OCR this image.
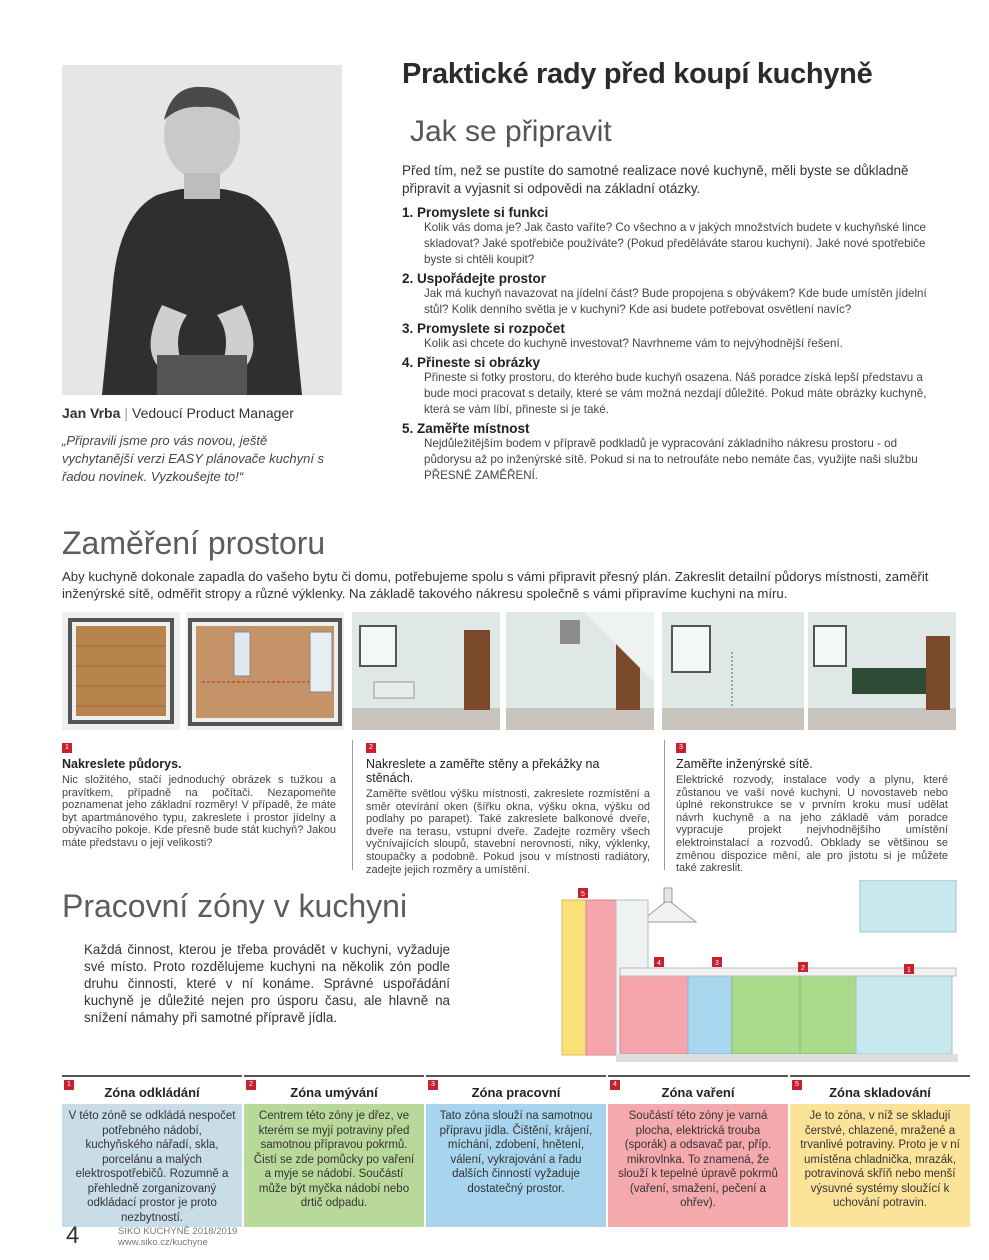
Jan Vrba | Vedoucí Product Manager
„Připravili jsme pro vás novou, ještě vychytanější verzi EASY plánovače kuchyní s řadou novinek. Vyzkoušejte to!“
Praktické rady před koupí kuchyně
Jak se připravit
Před tím, než se pustíte do samotné realizace nové kuchyně, měli byste se důkladně připravit a vyjasnit si odpovědi na základní otázky.
1. Promyslete si funkci
Kolik vás doma je? Jak často vaříte? Co všechno a v jakých množstvích budete v kuchyňské lince skladovat? Jaké spotřebiče používáte? (Pokud předěláváte starou kuchyni). Jaké nové spotřebiče byste si chtěli koupit?
2. Uspořádejte prostor
Jak má kuchyň navazovat na jídelní část? Bude propojena s obývákem? Kde bude umístěn jídelní stůl? Kolik denního světla je v kuchyni? Kde asi budete potřebovat osvětlení navíc?
3. Promyslete si rozpočet
Kolik asi chcete do kuchyně investovat? Navrhneme vám to nejvýhodnější řešení.
4. Přineste si obrázky
Přineste si fotky prostoru, do kterého bude kuchyň osazena. Náš poradce získá lepší představu a bude moci pracovat s detaily, které se vám možná nezdají důležité. Pokud máte obrázky kuchyně, která se vám líbí, přineste si je také.
5. Zaměřte místnost
Nejdůležitějším bodem v přípravě podkladů je vypracování základního nákresu prostoru - od půdorysu až po inženýrské sítě. Pokud si na to netroufáte nebo nemáte čas, využijte naši službu PŘESNÉ ZAMĚŘENÍ.
Zaměření prostoru
Aby kuchyně dokonale zapadla do vašeho bytu či domu, potřebujeme spolu s vámi připravit přesný plán. Zakreslit detailní půdorys místnosti, zaměřit inženýrské sítě, odměřit stropy a různé výklenky. Na základě takového nákresu společně s vámi připravíme kuchyni na míru.
1
Nakreslete půdorys.
Nic složitého, stačí jednoduchý obrázek s tužkou a pravítkem, případně na počítači. Nezapomeňte poznamenat jeho základní rozměry! V případě, že máte byt apartmánového typu, zakreslete i prostor jídelny a obývacího pokoje. Kde přesně bude stát kuchyň? Jakou máte představu o její velikosti?
2
Nakreslete a zaměřte stěny a překážky na stěnách.
Zaměřte světlou výšku místnosti, zakreslete rozmístění a směr otevírání oken (šířku okna, výšku okna, výšku od podlahy po parapet). Také zakreslete balkonové dveře, dveře na terasu, vstupní dveře. Zadejte rozměry všech vyčnívajících sloupů, stavební nerovnosti, niky, výklenky, stoupačky a podobně. Pokud jsou v místnosti radiátory, zadejte jejich rozměry a umístění.
3
Zaměřte inženýrské sítě.
Elektrické rozvody, instalace vody a plynu, které zůstanou ve vaší nové kuchyni. U novostaveb nebo úplné rekonstrukce se v prvním kroku musí udělat návrh kuchyně a na jeho základě vám poradce vypracuje projekt nejvhodnějšího umístění elektroinstalací a rozvodů. Obklady se většinou se změnou dispozice mění, ale pro jistotu si je můžete také zakreslit.
Pracovní zóny v kuchyni
Každá činnost, kterou je třeba provádět v kuchyni, vyžaduje své místo. Proto rozdělujeme kuchyni na několik zón podle druhu činnosti, které v ní konáme. Správné uspořádání kuchyně je důležité nejen pro úsporu času, ale hlavně na snížení námahy při samotné přípravě jídla.
5
4	3
2	1
1
Zóna odkládání
V této zóně se odkládá nespočet potřebného nádobí, kuchyňského nářadí, skla, porcelánu a malých elektrospotřebičů. Rozumně a přehledně zorganizovaný odkládací prostor je proto nezbytností.
2
Zóna umývání
Centrem této zóny je dřez, ve kterém se myjí potraviny před samotnou přípravou pokrmů. Čistí se zde pomůcky po vaření a myje se nádobí. Součástí může být myčka nádobí nebo drtič odpadu.
3
Zóna pracovní
Tato zóna slouží na samotnou přípravu jídla. Čištění, krájení, míchání, zdobení, hnětení, válení, vykrajování a řadu dalších činností vyžaduje dostatečný prostor.
4
Zóna vaření
Součástí této zóny je varná plocha, elektrická trouba (sporák) a odsavač par, příp. mikrovlnka. To znamená, že slouží k tepelné úpravě pokrmů (vaření, smažení, pečení a ohřev).
5
Zóna skladování
Je to zóna, v níž se skladují čerstvé, chlazené, mražené a trvanlivé potraviny. Proto je v ní umístěna chladnička, mrazák, potravinová skříň nebo menší výsuvné systémy sloužící k uchování potravin.
4	SIKO KUCHYNĚ 2018/2019
www.siko.cz/kuchyne
